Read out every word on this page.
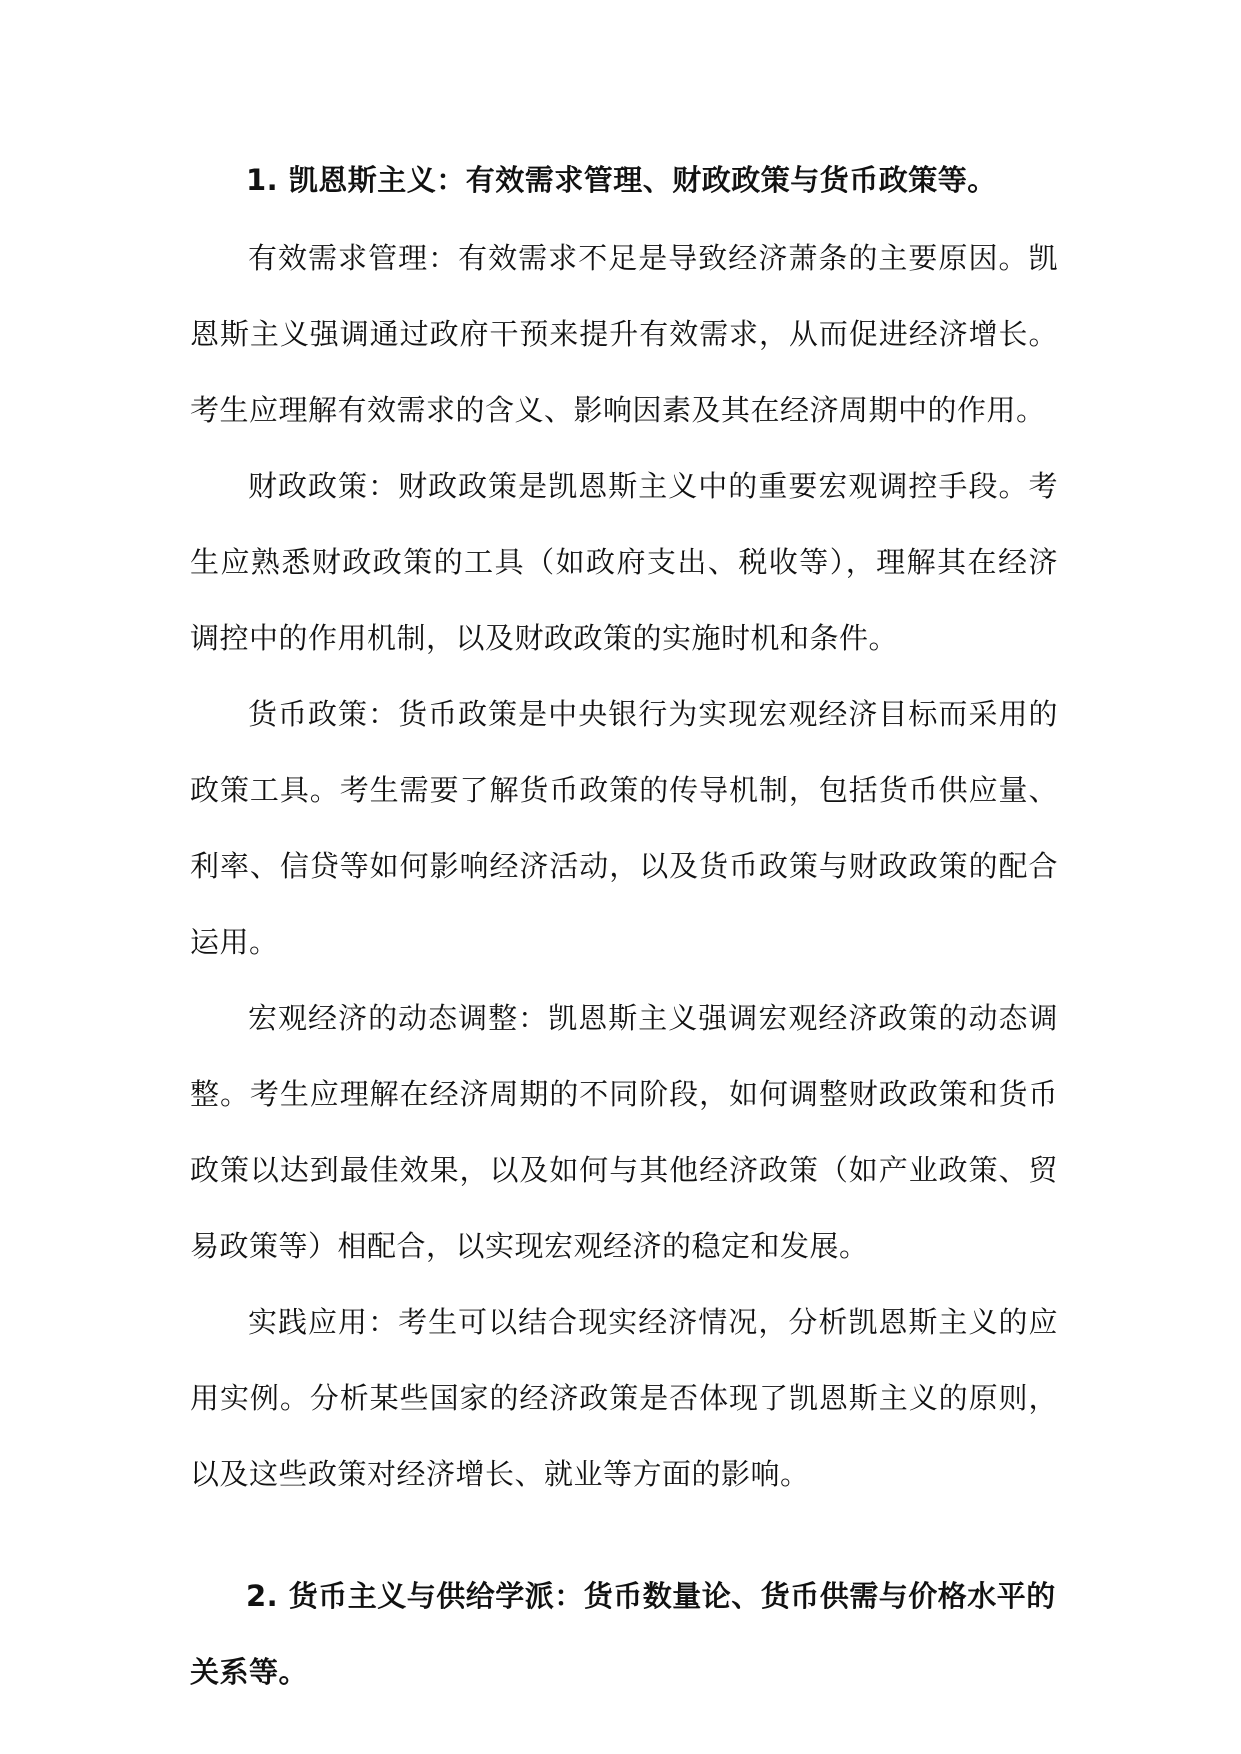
1. 凯恩斯主义：有效需求管理、财政政策与货币政策等。

有效需求管理：有效需求不足是导致经济萧条的主要原因。凯恩斯主义强调通过政府干预来提升有效需求，从而促进经济增长。考生应理解有效需求的含义、影响因素及其在经济周期中的作用。

财政政策：财政政策是凯恩斯主义中的重要宏观调控手段。考生应熟悉财政政策的工具（如政府支出、税收等），理解其在经济调控中的作用机制，以及财政政策的实施时机和条件。

货币政策：货币政策是中央银行为实现宏观经济目标而采用的政策工具。考生需要了解货币政策的传导机制，包括货币供应量、利率、信贷等如何影响经济活动，以及货币政策与财政政策的配合运用。

宏观经济的动态调整：凯恩斯主义强调宏观经济政策的动态调整。考生应理解在经济周期的不同阶段，如何调整财政政策和货币政策以达到最佳效果，以及如何与其他经济政策（如产业政策、贸易政策等）相配合，以实现宏观经济的稳定和发展。

实践应用：考生可以结合现实经济情况，分析凯恩斯主义的应用实例。分析某些国家的经济政策是否体现了凯恩斯主义的原则，以及这些政策对经济增长、就业等方面的影响。

2. 货币主义与供给学派：货币数量论、货币供需与价格水平的关系等。
